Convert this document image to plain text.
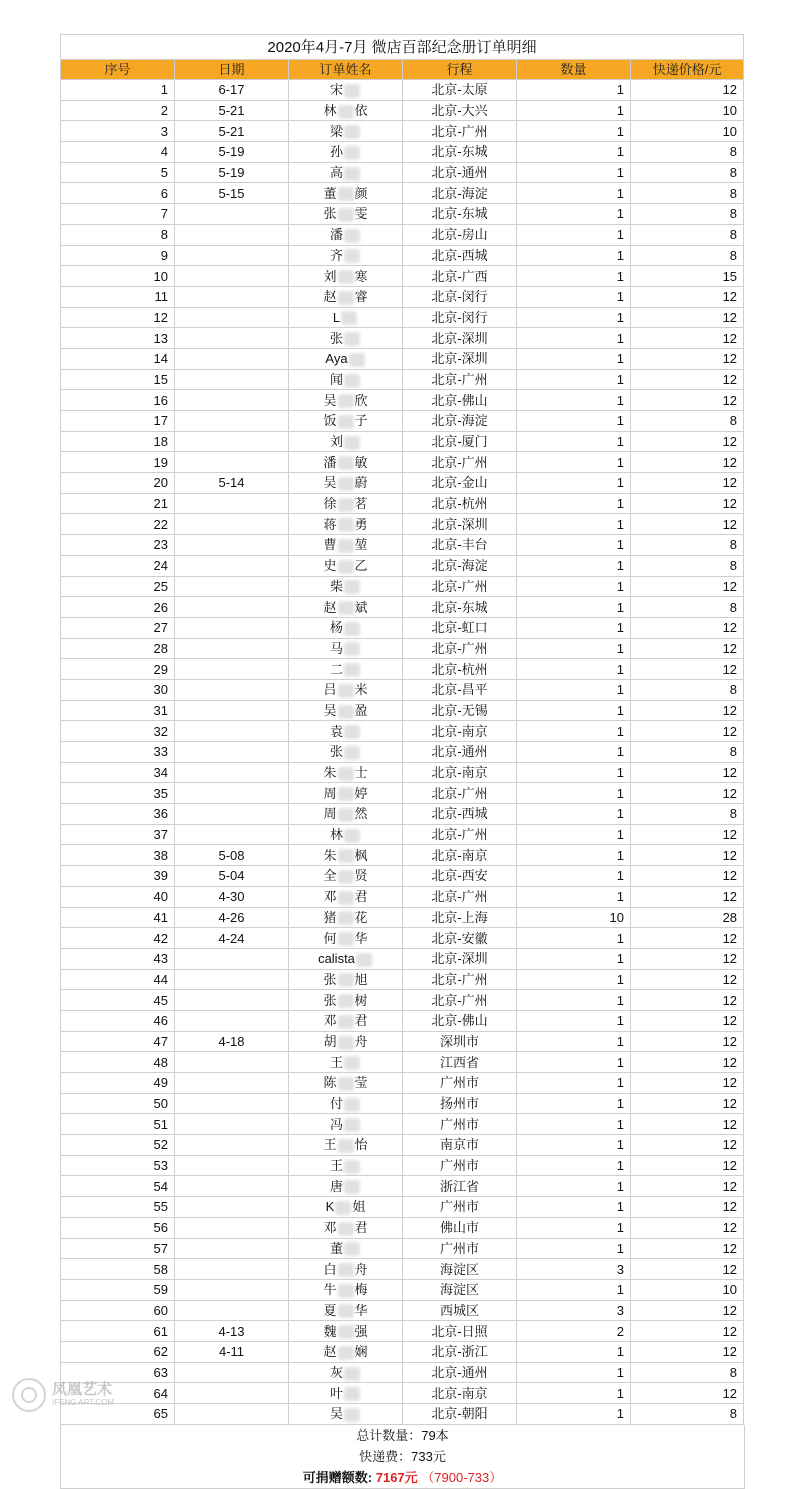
2020年4月-7月 微店百部纪念册订单明细					
序号	日期	订单姓名	行程	数量	快递价格/元
1	6-17	宋	北京-太原	1	12
2	5-21	林 依	北京-大兴	1	10
3	5-21	梁	北京-广州	1	10
4	5-19	孙	北京-东城	1	8
5	5-19	高	北京-通州	1	8
6	5-15	董 颜	北京-海淀	1	8
7		张 雯	北京-东城	1	8
8		潘	北京-房山	1	8
9		齐	北京-西城	1	8
10		刘 寒	北京-广西	1	15
11		赵 睿	北京-闵行	1	12
12		L	北京-闵行	1	12
13		张	北京-深圳	1	12
14		Aya	北京-深圳	1	12
15		闻	北京-广州	1	12
16		吴 欣	北京-佛山	1	12
17		饭 子	北京-海淀	1	8
18		刘	北京-厦门	1	12
19		潘 敏	北京-广州	1	12
20	5-14	吴 蔚	北京-金山	1	12
21		徐 茗	北京-杭州	1	12
22		蒋 勇	北京-深圳	1	12
23		曹 堃	北京-丰台	1	8
24		史 乙	北京-海淀	1	8
25		柴	北京-广州	1	12
26		赵 斌	北京-东城	1	8
27		杨	北京-虹口	1	12
28		马	北京-广州	1	12
29		二	北京-杭州	1	12
30		吕 米	北京-昌平	1	8
31		吴 盈	北京-无锡	1	12
32		袁	北京-南京	1	12
33		张	北京-通州	1	8
34		朱 士	北京-南京	1	12
35		周 婷	北京-广州	1	12
36		周 然	北京-西城	1	8
37		林	北京-广州	1	12
38	5-08	朱 枫	北京-南京	1	12
39	5-04	全 贤	北京-西安	1	12
40	4-30	邓 君	北京-广州	1	12
41	4-26	猪 花	北京-上海	10	28
42	4-24	何 华	北京-安徽	1	12
43		calista	北京-深圳	1	12
44		张 旭	北京-广州	1	12
45		张 树	北京-广州	1	12
46		邓 君	北京-佛山	1	12
47	4-18	胡 舟	深圳市	1	12
48		王	江西省	1	12
49		陈 莹	广州市	1	12
50		付	扬州市	1	12
51		冯	广州市	1	12
52		王 怡	南京市	1	12
53		王	广州市	1	12
54		唐	浙江省	1	12
55		K 姐	广州市	1	12
56		邓 君	佛山市	1	12
57		董	广州市	1	12
58		白 舟	海淀区	3	12
59		牛 梅	海淀区	1	10
60		夏 华	西城区	3	12
61	4-13	魏 强	北京-日照	2	12
62	4-11	赵 娴	北京-浙江	1	12
63		灰	北京-通州	1	8
64		叶	北京-南京	1	12
65		吴	北京-朝阳	1	8
总计数量：79本
快递费：733元
可捐赠额数: 7167元 （7900-733）
凤凰艺术
IFENG ART.COM
